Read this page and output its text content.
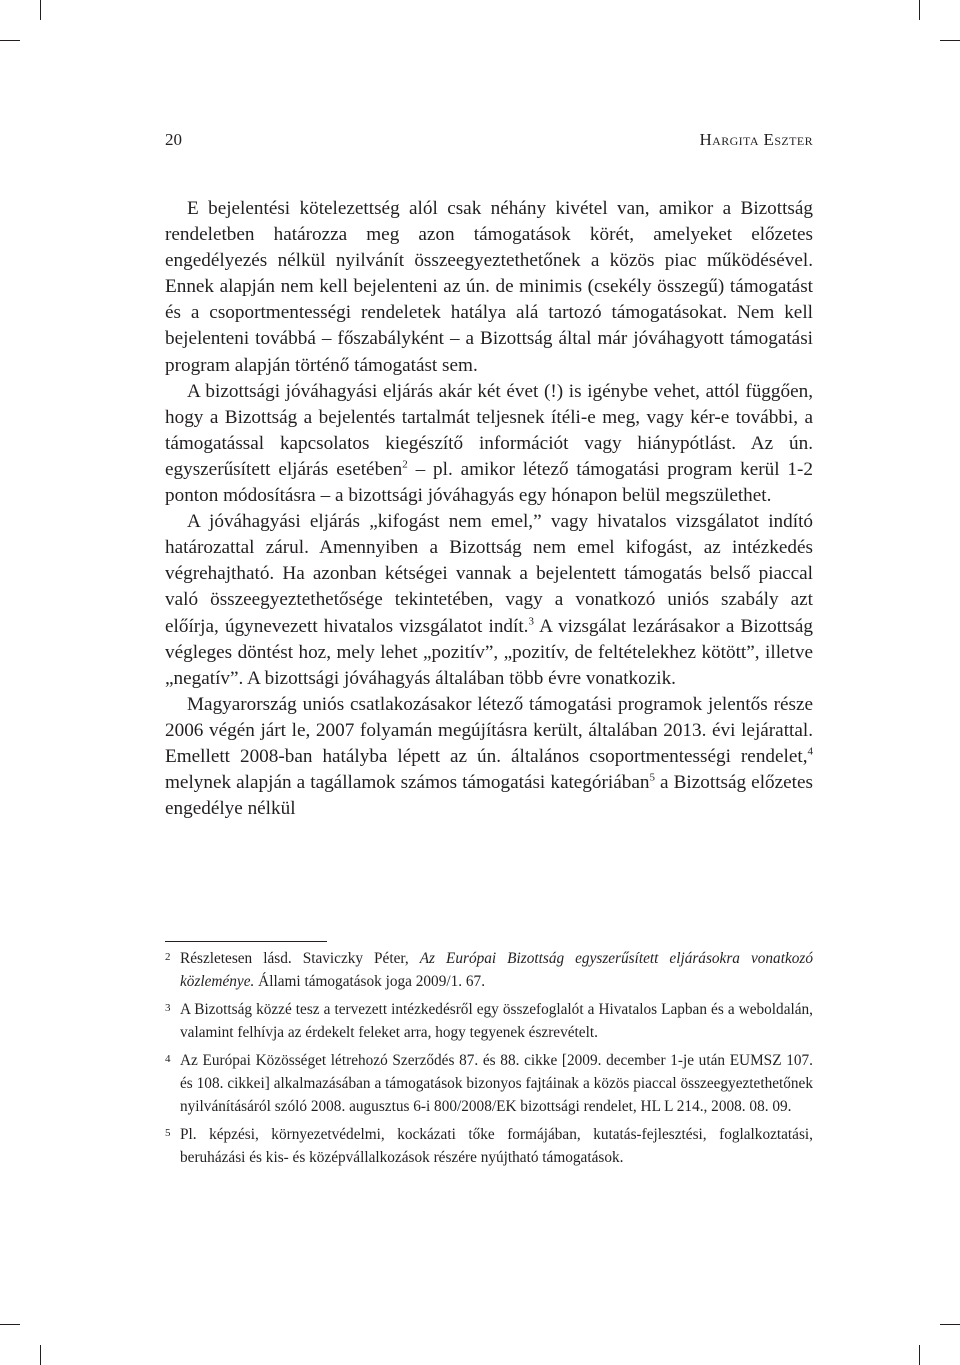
20	Hargita Eszter

E bejelentési kötelezettség alól csak néhány kivétel van, amikor a Bizottság rendeletben határozza meg azon támogatások körét, amelyeket előzetes engedélyezés nélkül nyilvánít összeegyeztethetőnek a közös piac működésével. Ennek alapján nem kell bejelenteni az ún. de minimis (csekély összegű) támogatást és a csoportmentességi rendeletek hatálya alá tartozó támogatásokat. Nem kell bejelenteni továbbá – főszabályként – a Bizottság által már jóváhagyott támogatási program alapján történő támogatást sem.

A bizottsági jóváhagyási eljárás akár két évet (!) is igénybe vehet, attól függően, hogy a Bizottság a bejelentés tartalmát teljesnek ítéli-e meg, vagy kér-e további, a támogatással kapcsolatos kiegészítő információt vagy hiánypótlást. Az ún. egyszerűsített eljárás esetében$^2$ – pl. amikor létező támogatási program kerül 1-2 ponton módosításra – a bizottsági jóváhagyás egy hónapon belül megszülethet.

A jóváhagyási eljárás „kifogást nem emel,” vagy hivatalos vizsgálatot indító határozattal zárul. Amennyiben a Bizottság nem emel kifogást, az intézkedés végrehajtható. Ha azonban kétségei vannak a bejelentett támogatás belső piaccal való összeegyeztethetősége tekintetében, vagy a vonatkozó uniós szabály azt előírja, úgynevezett hivatalos vizsgálatot indít.$^3$ A vizsgálat lezárásakor a Bizottság végleges döntést hoz, mely lehet „pozitív”, „pozitív, de feltételekhez kötött”, illetve „negatív”. A bizottsági jóváhagyás általában több évre vonatkozik.

Magyarország uniós csatlakozásakor létező támogatási programok jelentős része 2006 végén járt le, 2007 folyamán megújításra került, általában 2013. évi lejárattal. Emellett 2008-ban hatályba lépett az ún. általános csoportmentességi rendelet,$^4$ melynek alapján a tagállamok számos támogatási kategóriában$^5$ a Bizottság előzetes engedélye nélkül

2 Részletesen lásd. Staviczky Péter, Az Európai Bizottság egyszerűsített eljárásokra vonatkozó közleménye. Állami támogatások joga 2009/1. 67.
3 A Bizottság közzé tesz a tervezett intézkedésről egy összefoglalót a Hivatalos Lapban és a weboldalán, valamint felhívja az érdekelt feleket arra, hogy tegyenek észrevételt.
4 Az Európai Közösséget létrehozó Szerződés 87. és 88. cikke [2009. december 1-je után EUMSZ 107. és 108. cikkei] alkalmazásában a támogatások bizonyos fajtáinak a közös piaccal összeegyeztethetőnek nyilvánításáról szóló 2008. augusztus 6-i 800/2008/EK bizottsági rendelet, HL L 214., 2008. 08. 09.
5 Pl. képzési, környezetvédelmi, kockázati tőke formájában, kutatás-fejlesztési, foglalkoztatási, beruházási és kis- és középvállalkozások részére nyújtható támogatások.
